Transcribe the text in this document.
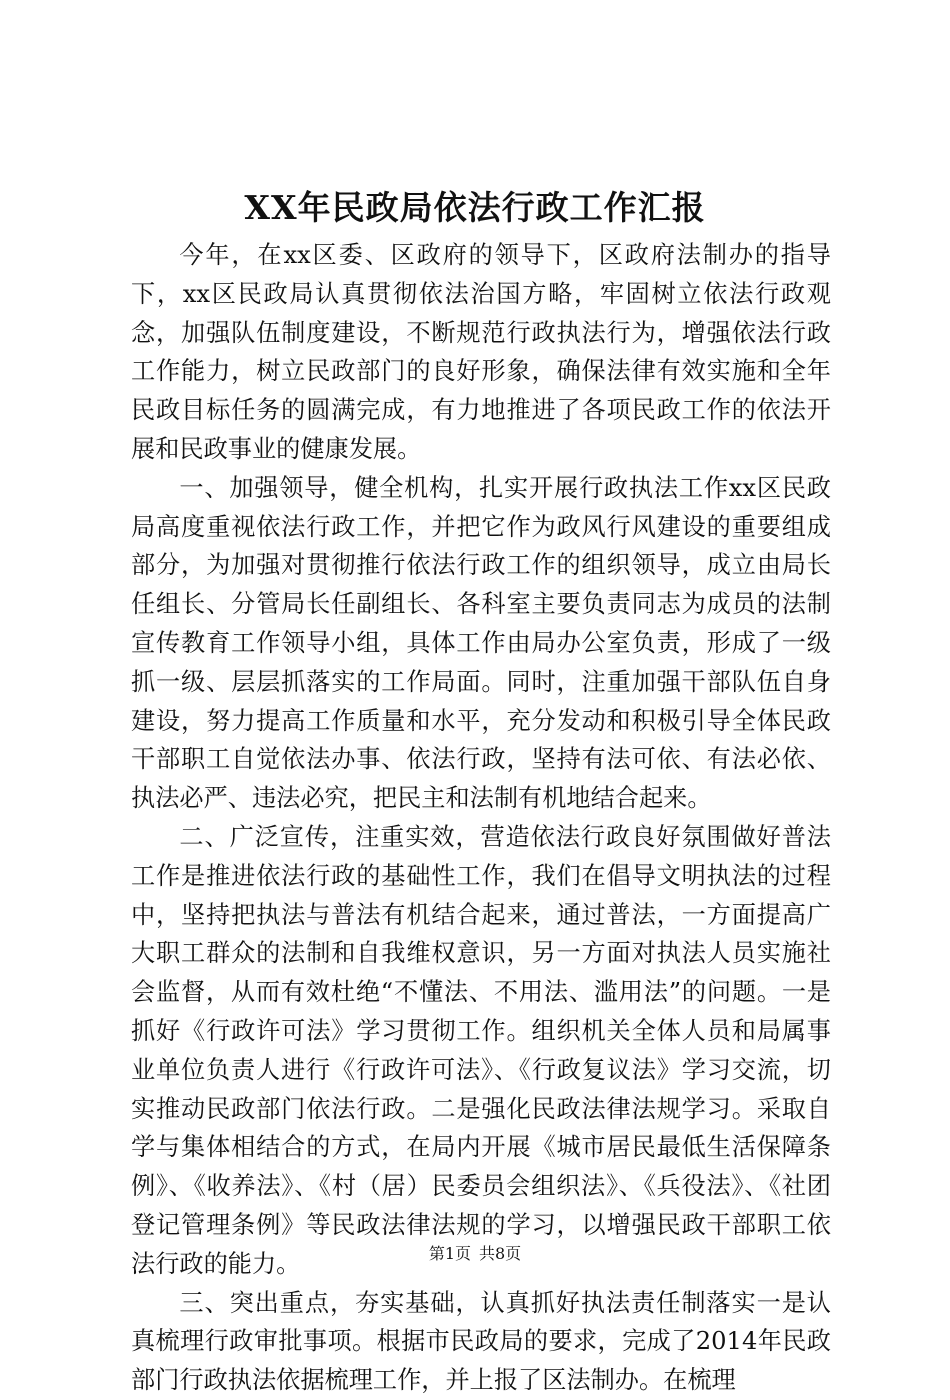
XX年民政局依法行政工作汇报

今年，在xx区委、区政府的领导下，区政府法制办的指导下，xx区民政局认真贯彻依法治国方略，牢固树立依法行政观念，加强队伍制度建设，不断规范行政执法行为，增强依法行政工作能力，树立民政部门的良好形象，确保法律有效实施和全年民政目标任务的圆满完成，有力地推进了各项民政工作的依法开展和民政事业的健康发展。

一、加强领导，健全机构，扎实开展行政执法工作xx区民政局高度重视依法行政工作，并把它作为政风行风建设的重要组成部分，为加强对贯彻推行依法行政工作的组织领导，成立由局长任组长、分管局长任副组长、各科室主要负责同志为成员的法制宣传教育工作领导小组，具体工作由局办公室负责，形成了一级抓一级、层层抓落实的工作局面。同时，注重加强干部队伍自身建设，努力提高工作质量和水平，充分发动和积极引导全体民政干部职工自觉依法办事、依法行政，坚持有法可依、有法必依、执法必严、违法必究，把民主和法制有机地结合起来。

二、广泛宣传，注重实效，营造依法行政良好氛围做好普法工作是推进依法行政的基础性工作，我们在倡导文明执法的过程中，坚持把执法与普法有机结合起来，通过普法，一方面提高广大职工群众的法制和自我维权意识，另一方面对执法人员实施社会监督，从而有效杜绝“不懂法、不用法、滥用法”的问题。一是抓好《行政许可法》学习贯彻工作。组织机关全体人员和局属事业单位负责人进行《行政许可法》、《行政复议法》学习交流，切实推动民政部门依法行政。二是强化民政法律法规学习。采取自学与集体相结合的方式，在局内开展《城市居民最低生活保障条例》、《收养法》、《村（居）民委员会组织法》、《兵役法》、《社团登记管理条例》等民政法律法规的学习，以增强民政干部职工依法行政的能力。

三、突出重点，夯实基础，认真抓好执法责任制落实一是认真梳理行政审批事项。根据市民政局的要求，完成了2014年民政部门行政执法依据梳理工作，并上报了区法制办。在梳理

第1页 共8页
